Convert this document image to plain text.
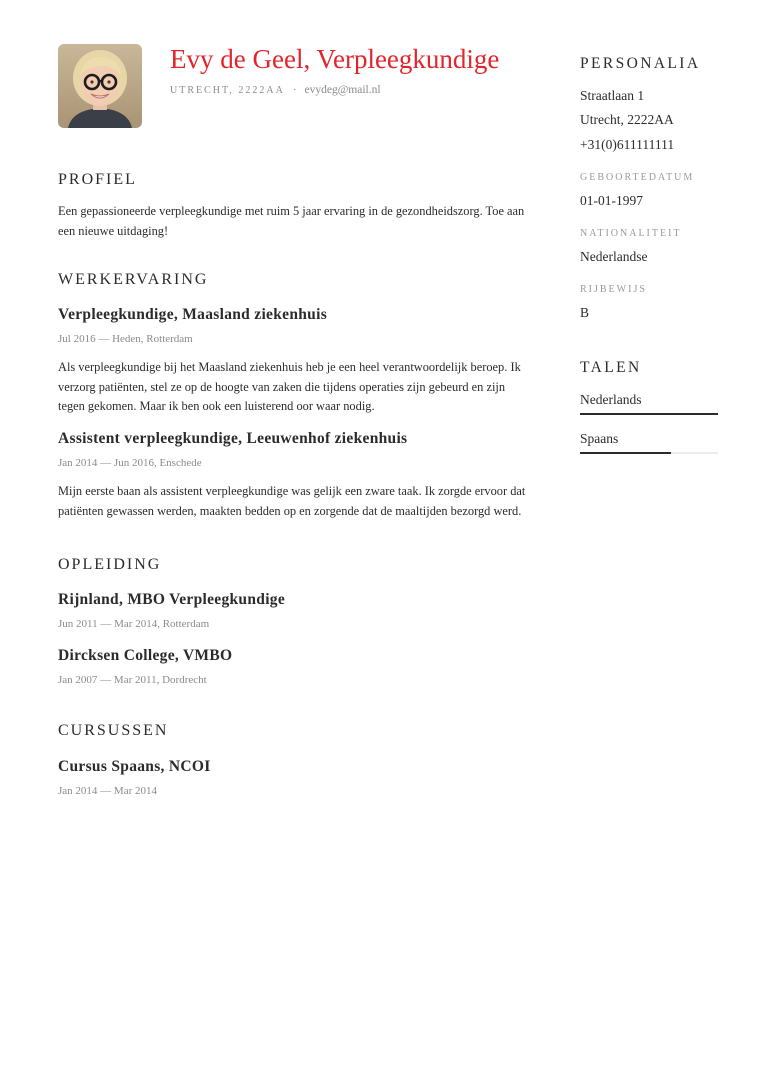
Evy de Geel, Verpleegkundige
UTRECHT, 2222AA · evydeg@mail.nl
PROFIEL
Een gepassioneerde verpleegkundige met ruim 5 jaar ervaring in de gezondheidszorg. Toe aan een nieuwe uitdaging!
WERKERVARING
Verpleegkundige, Maasland ziekenhuis
Jul 2016 — Heden, Rotterdam
Als verpleegkundige bij het Maasland ziekenhuis heb je een heel verantwoordelijk beroep. Ik verzorg patiënten, stel ze op de hoogte van zaken die tijdens operaties zijn gebeurd en zijn tegen gekomen. Maar ik ben ook een luisterend oor waar nodig.
Assistent verpleegkundige, Leeuwenhof ziekenhuis
Jan 2014 — Jun 2016, Enschede
Mijn eerste baan als assistent verpleegkundige was gelijk een zware taak. Ik zorgde ervoor dat patiënten gewassen werden, maakten bedden op en zorgende dat de maaltijden bezorgd werd.
OPLEIDING
Rijnland, MBO Verpleegkundige
Jun 2011 — Mar 2014, Rotterdam
Dircksen College, VMBO
Jan 2007 — Mar 2011, Dordrecht
CURSUSSEN
Cursus Spaans, NCOI
Jan 2014 — Mar 2014
PERSONALIA
Straatlaan 1
Utrecht, 2222AA
+31(0)611111111
GEBOORTEDATUM
01-01-1997
NATIONALITEIT
Nederlandse
RIJBEWIJS
B
TALEN
Nederlands
Spaans
